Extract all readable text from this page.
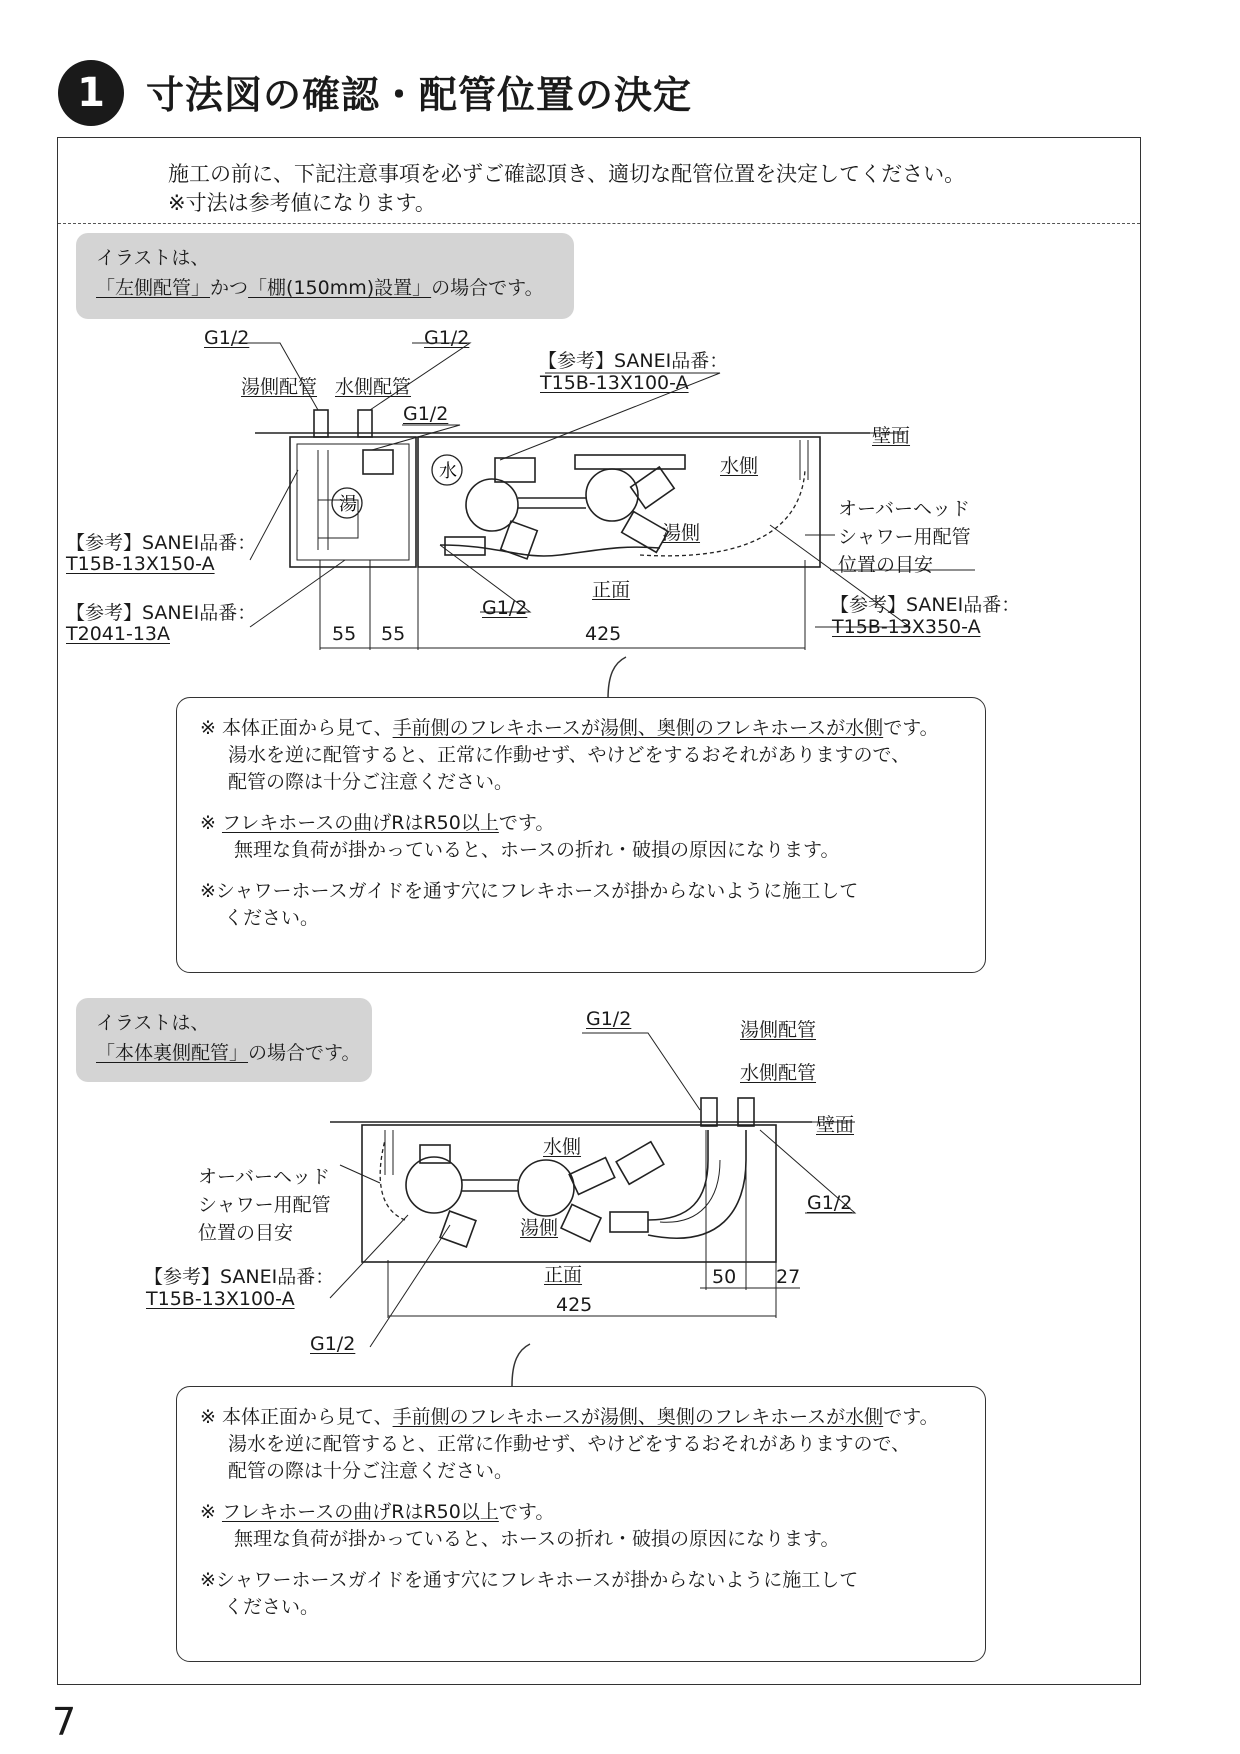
1 寸法図の確認・配管位置の決定
施工の前に、下記注意事項を必ずご確認頂き、適切な配管位置を決定してください。
※寸法は参考値になります。
イラストは、
「左側配管」かつ「棚(150mm)設置」の場合です。
水
湯
G1/2	G1/2
湯側配管 水側配管
G1/2
【参考】SANEI品番：
T15B-13X100-A
壁面
水側
湯側
オーバーヘッド
シャワー用配管
位置の目安
【参考】SANEI品番：
T15B-13X150-A
【参考】SANEI品番：
T2041-13A
正面
G1/2	【参考】SANEI品番：
T15B-13X350-A
55 55	425
※ 本体正面から見て、手前側のフレキホースが湯側、奥側のフレキホースが水側です。
湯水を逆に配管すると、正常に作動せず、やけどをするおそれがありますので、
配管の際は十分ご注意ください。
※ フレキホースの曲げRはR50以上です。
無理な負荷が掛かっていると、ホースの折れ・破損の原因になります。
※シャワーホースガイドを通す穴にフレキホースが掛からないように施工して
ください。
イラストは、
「本体裏側配管」の場合です。
G1/2	湯側配管
水側配管
壁面
水側
湯側
G1/2
オーバーヘッド
シャワー用配管
位置の目安
【参考】SANEI品番：
T15B-13X100-A
正面	50 27
425
G1/2
※ 本体正面から見て、手前側のフレキホースが湯側、奥側のフレキホースが水側です。
湯水を逆に配管すると、正常に作動せず、やけどをするおそれがありますので、
配管の際は十分ご注意ください。
※ フレキホースの曲げRはR50以上です。
無理な負荷が掛かっていると、ホースの折れ・破損の原因になります。
※シャワーホースガイドを通す穴にフレキホースが掛からないように施工して
ください。
7
